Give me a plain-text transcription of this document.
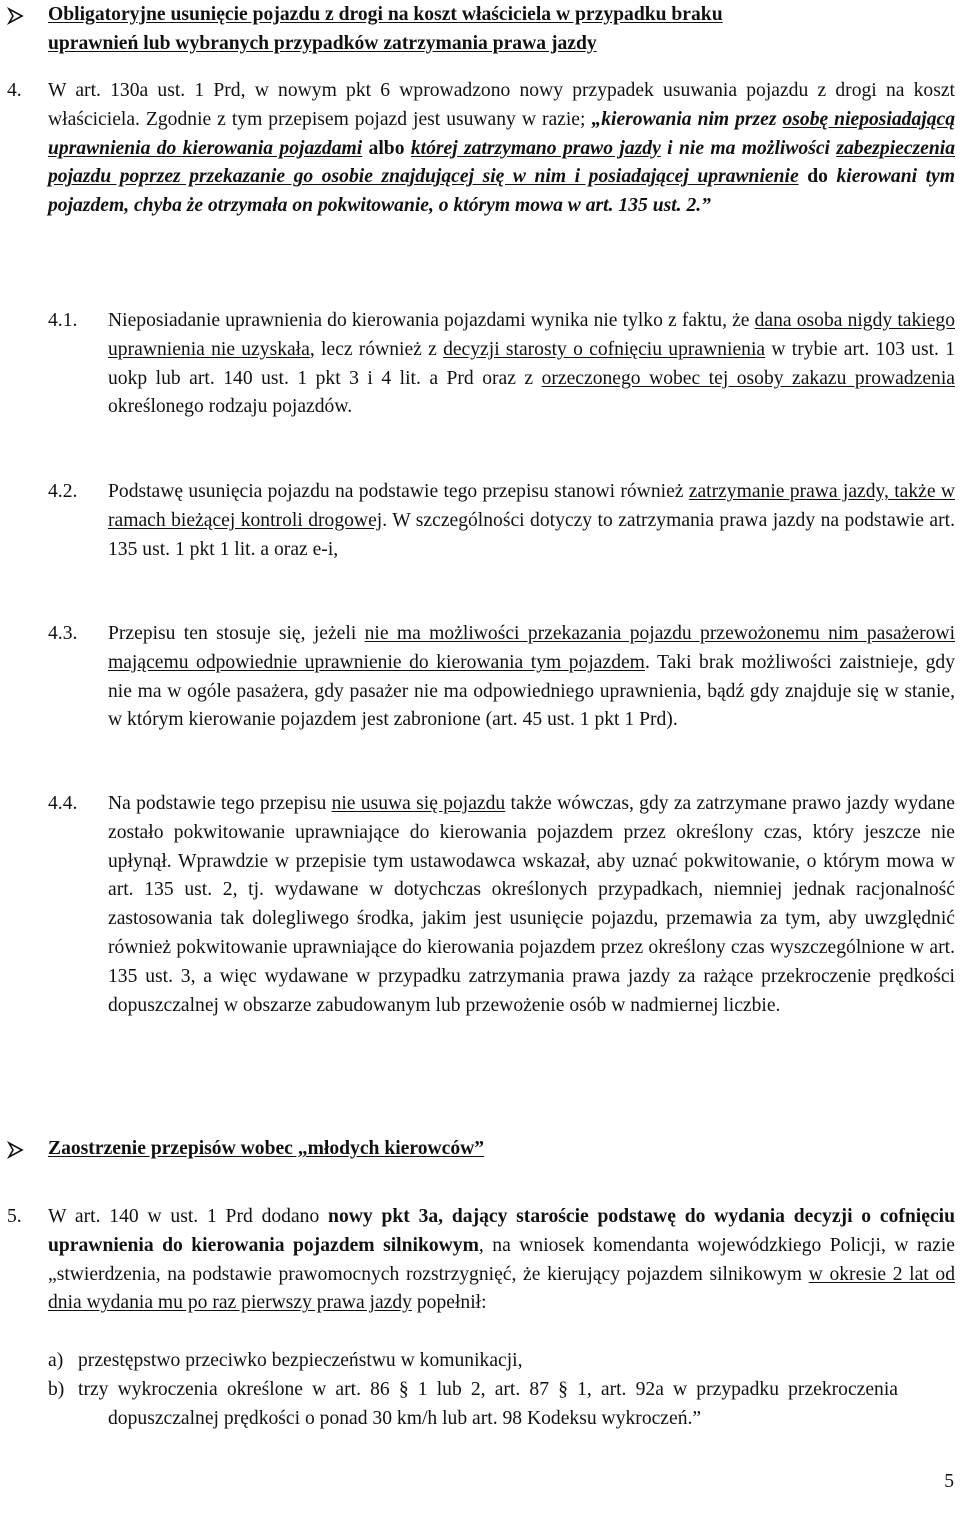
Obligatoryjne usunięcie pojazdu z drogi na koszt właściciela w przypadku braku
uprawnień lub wybranych przypadków zatrzymania prawa jazdy
4. W art. 130a ust. 1 Prd, w nowym pkt 6 wprowadzono nowy przypadek usuwania pojazdu z drogi na koszt właściciela. Zgodnie z tym przepisem pojazd jest usuwany w razie; „kierowania nim przez osobę nieposiadającą uprawnienia do kierowania pojazdami albo której zatrzymano prawo jazdy i nie ma możliwości zabezpieczenia pojazdu poprzez przekazanie go osobie znajdującej się w nim i posiadającej uprawnienie do kierowani tym pojazdem, chyba że otrzymała on pokwitowanie, o którym mowa w art. 135 ust. 2.”
4.1. Nieposiadanie uprawnienia do kierowania pojazdami wynika nie tylko z faktu, że dana osoba nigdy takiego uprawnienia nie uzyskała, lecz również z decyzji starosty o cofnięciu uprawnienia w trybie art. 103 ust. 1 uokp lub art. 140 ust. 1 pkt 3 i 4 lit. a Prd oraz z orzeczonego wobec tej osoby zakazu prowadzenia określonego rodzaju pojazdów.
4.2. Podstawę usunięcia pojazdu na podstawie tego przepisu stanowi również zatrzymanie prawa jazdy, także w ramach bieżącej kontroli drogowej. W szczególności dotyczy to zatrzymania prawa jazdy na podstawie art. 135 ust. 1 pkt 1 lit. a oraz e-i,
4.3. Przepisu ten stosuje się, jeżeli nie ma możliwości przekazania pojazdu przewożonemu nim pasażerowi mającemu odpowiednie uprawnienie do kierowania tym pojazdem. Taki brak możliwości zaistnieje, gdy nie ma w ogóle pasażera, gdy pasażer nie ma odpowiedniego uprawnienia, bądź gdy znajduje się w stanie, w którym kierowanie pojazdem jest zabronione (art. 45 ust. 1 pkt 1 Prd).
4.4. Na podstawie tego przepisu nie usuwa się pojazdu także wówczas, gdy za zatrzymane prawo jazdy wydane zostało pokwitowanie uprawniające do kierowania pojazdem przez określony czas, który jeszcze nie upłynął. Wprawdzie w przepisie tym ustawodawca wskazał, aby uznać pokwitowanie, o którym mowa w art. 135 ust. 2, tj. wydawane w dotychczas określonych przypadkach, niemniej jednak racjonalność zastosowania tak dolegliwego środka, jakim jest usunięcie pojazdu, przemawia za tym, aby uwzględnić również pokwitowanie uprawniające do kierowania pojazdem przez określony czas wyszczególnione w art. 135 ust. 3, a więc wydawane w przypadku zatrzymania prawa jazdy za rażące przekroczenie prędkości dopuszczalnej w obszarze zabudowanym lub przewożenie osób w nadmiernej liczbie.
Zaostrzenie przepisów wobec „młodych kierowców”
5. W art. 140 w ust. 1 Prd dodano nowy pkt 3a, dający staroście podstawę do wydania decyzji o cofnięciu uprawnienia do kierowania pojazdem silnikowym, na wniosek komendanta wojewódzkiego Policji, w razie „stwierdzenia, na podstawie prawomocnych rozstrzygnięć, że kierujący pojazdem silnikowym w okresie 2 lat od dnia wydania mu po raz pierwszy prawa jazdy popełnił:
a) przestępstwo przeciwko bezpieczeństwu w komunikacji,
b) trzy wykroczenia określone w art. 86 § 1 lub 2, art. 87 § 1, art. 92a w przypadku przekroczenia dopuszczalnej prędkości o ponad 30 km/h lub art. 98 Kodeksu wykroczeń.”
5
